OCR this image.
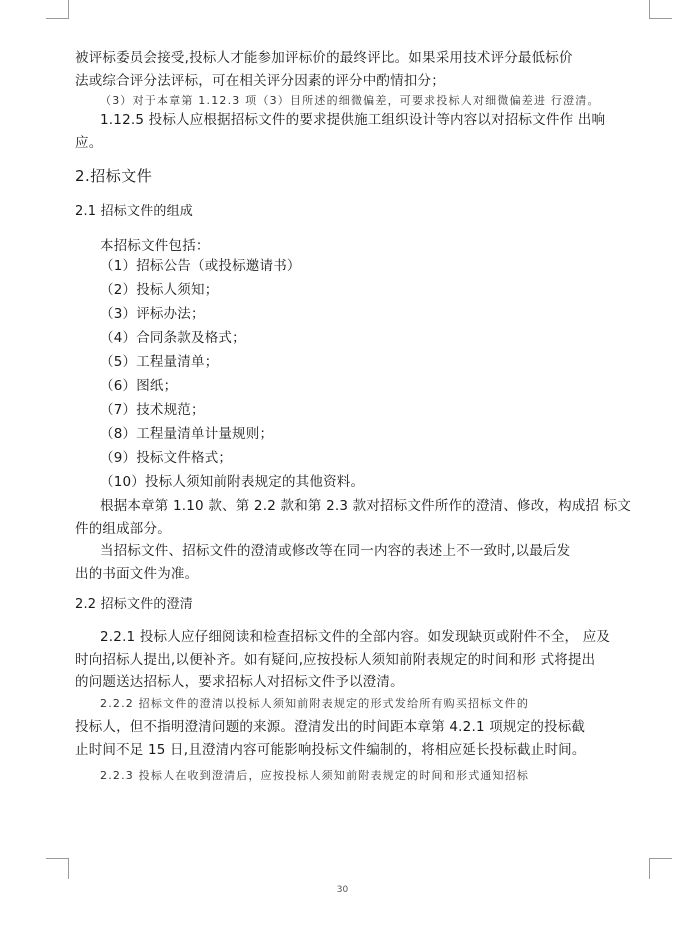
被评标委员会接受,投标人才能参加评标价的最终评比。如果采用技术评分最低标价
法或综合评分法评标，可在相关评分因素的评分中酌情扣分；
（3）对于本章第 1.12.3 项（3）目所述的细微偏差，可要求投标人对细微偏差进 行澄清。
1.12.5 投标人应根据招标文件的要求提供施工组织设计等内容以对招标文件作 出响
应。
2.招标文件
2.1 招标文件的组成
本招标文件包括：
（1）招标公告（或投标邀请书）
（2）投标人须知；
（3）评标办法；
（4）合同条款及格式；
（5）工程量清单；
（6）图纸；
（7）技术规范；
（8）工程量清单计量规则；
（9）投标文件格式；
（10）投标人须知前附表规定的其他资料。
根据本章第 1.10 款、第 2.2 款和第 2.3 款对招标文件所作的澄清、修改，构成招 标文
件的组成部分。
当招标文件、招标文件的澄清或修改等在同一内容的表述上不一致时,以最后发
出的书面文件为准。
2.2 招标文件的澄清
2.2.1 投标人应仔细阅读和检查招标文件的全部内容。如发现缺页或附件不全， 应及
时向招标人提出,以便补齐。如有疑问,应按投标人须知前附表规定的时间和形 式将提出
的问题送达招标人，要求招标人对招标文件予以澄清。
2.2.2 招标文件的澄清以投标人须知前附表规定的形式发给所有购买招标文件的
投标人，但不指明澄清问题的来源。澄清发出的时间距本章第 4.2.1 项规定的投标截
止时间不足 15 日,且澄清内容可能影响投标文件编制的，将相应延长投标截止时间。
2.2.3 投标人在收到澄清后，应按投标人须知前附表规定的时间和形式通知招标
30
